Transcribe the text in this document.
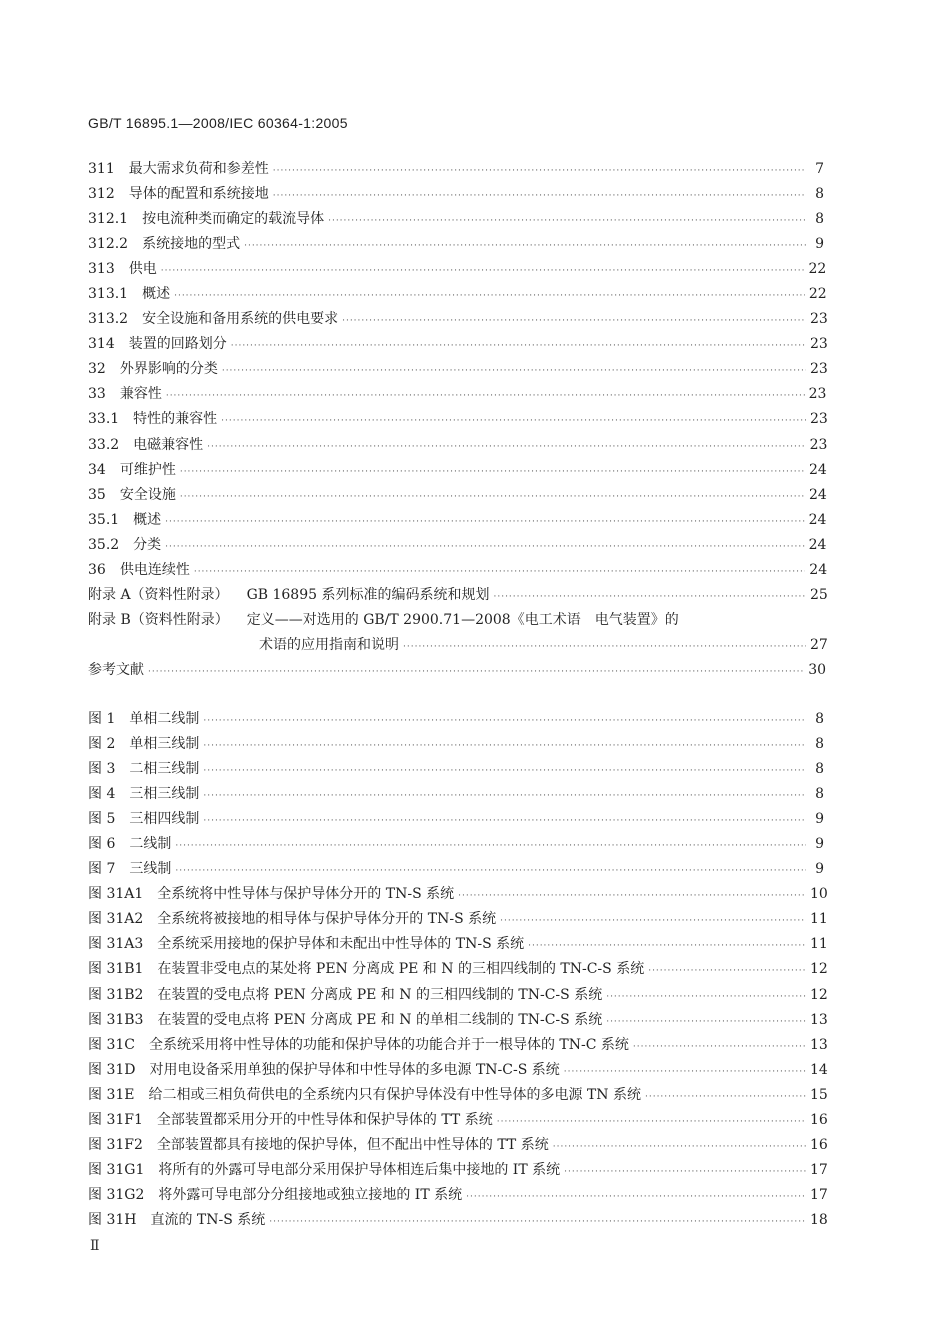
GB/T 16895.1—2008/IEC 60364-1:2005
311	最大需求负荷和参差性 ·····	7
312	导体的配置和系统接地 ·····	8
312.1	按电流种类而确定的载流导体 ·····	8
312.2	系统接地的型式 ·····	9
313	供电 ·····	22
313.1	概述 ·····	22
313.2	安全设施和备用系统的供电要求 ·····	23
314	装置的回路划分 ·····	23
32	外界影响的分类 ·····	23
33	兼容性 ·····	23
33.1	特性的兼容性 ·····	23
33.2	电磁兼容性 ·····	23
34	可维护性 ·····	24
35	安全设施 ·····	24
35.1	概述 ·····	24
35.2	分类 ·····	24
36	供电连续性 ·····	24
附录 A（资料性附录）	GB 16895 系列标准的编码系统和规划 ·····	25
附录 B（资料性附录）	定义——对选用的 GB/T 2900.71—2008《电工术语　电气装置》的
术语的应用指南和说明 ·····	27
参考文献 ·····	30
图 1	单相二线制 ·····	8
图 2	单相三线制 ·····	8
图 3	二相三线制 ·····	8
图 4	三相三线制 ·····	8
图 5	三相四线制 ·····	9
图 6	二线制 ·····	9
图 7	三线制 ·····	9
图 31A1	全系统将中性导体与保护导体分开的 TN-S 系统 ·····	10
图 31A2	全系统将被接地的相导体与保护导体分开的 TN-S 系统 ·····	11
图 31A3	全系统采用接地的保护导体和未配出中性导体的 TN-S 系统 ·····	11
图 31B1	在装置非受电点的某处将 PEN 分离成 PE 和 N 的三相四线制的 TN-C-S 系统 ·····	12
图 31B2	在装置的受电点将 PEN 分离成 PE 和 N 的三相四线制的 TN-C-S 系统 ·····	12
图 31B3	在装置的受电点将 PEN 分离成 PE 和 N 的单相二线制的 TN-C-S 系统 ·····	13
图 31C	全系统采用将中性导体的功能和保护导体的功能合并于一根导体的 TN-C 系统 ·····	13
图 31D	对用电设备采用单独的保护导体和中性导体的多电源 TN-C-S 系统 ·····	14
图 31E	给二相或三相负荷供电的全系统内只有保护导体没有中性导体的多电源 TN 系统 ·····	15
图 31F1	全部装置都采用分开的中性导体和保护导体的 TT 系统 ·····	16
图 31F2	全部装置都具有接地的保护导体，但不配出中性导体的 TT 系统 ·····	16
图 31G1	将所有的外露可导电部分采用保护导体相连后集中接地的 IT 系统 ·····	17
图 31G2	将外露可导电部分分组接地或独立接地的 IT 系统 ·····	17
图 31H	直流的 TN-S 系统 ·····	18
Ⅱ
